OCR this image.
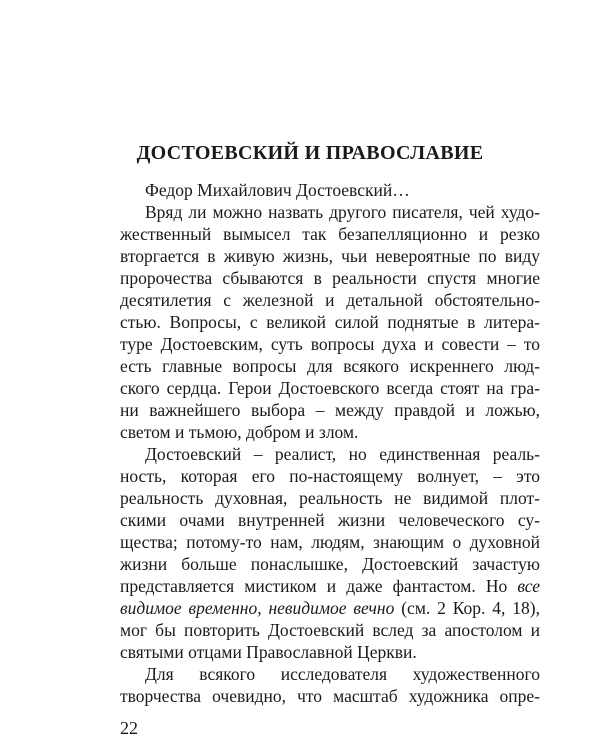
ДОСТОЕВСКИЙ И ПРАВОСЛАВИЕ

Федор Михайлович Достоевский…

Вряд ли можно назвать другого писателя, чей худо-

жественный вымысел так безапелляционно и резко

вторгается в живую жизнь, чьи невероятные по виду

пророчества сбываются в реальности спустя многие

десятилетия с железной и детальной обстоятельно-

стью. Вопросы, с великой силой поднятые в литера-

туре Достоевским, суть вопросы духа и совести – то

есть главные вопросы для всякого искреннего люд-

ского сердца. Герои Достоевского всегда стоят на гра-

ни важнейшего выбора – между правдой и ложью,

светом и тьмою, добром и злом.

Достоевский – реалист, но единственная реаль-

ность, которая его по-настоящему волнует, – это

реальность духовная, реальность не видимой плот-

скими очами внутренней жизни человеческого су-

щества; потому-то нам, людям, знающим о духовной

жизни больше понаслышке, Достоевский зачастую

представляется мистиком и даже фантастом. Но все

видимое временно, невидимое вечно (см. 2 Кор. 4, 18),

мог бы повторить Достоевский вслед за апостолом и

святыми отцами Православной Церкви.

Для всякого исследователя художественного

творчества очевидно, что масштаб художника опре-

22
